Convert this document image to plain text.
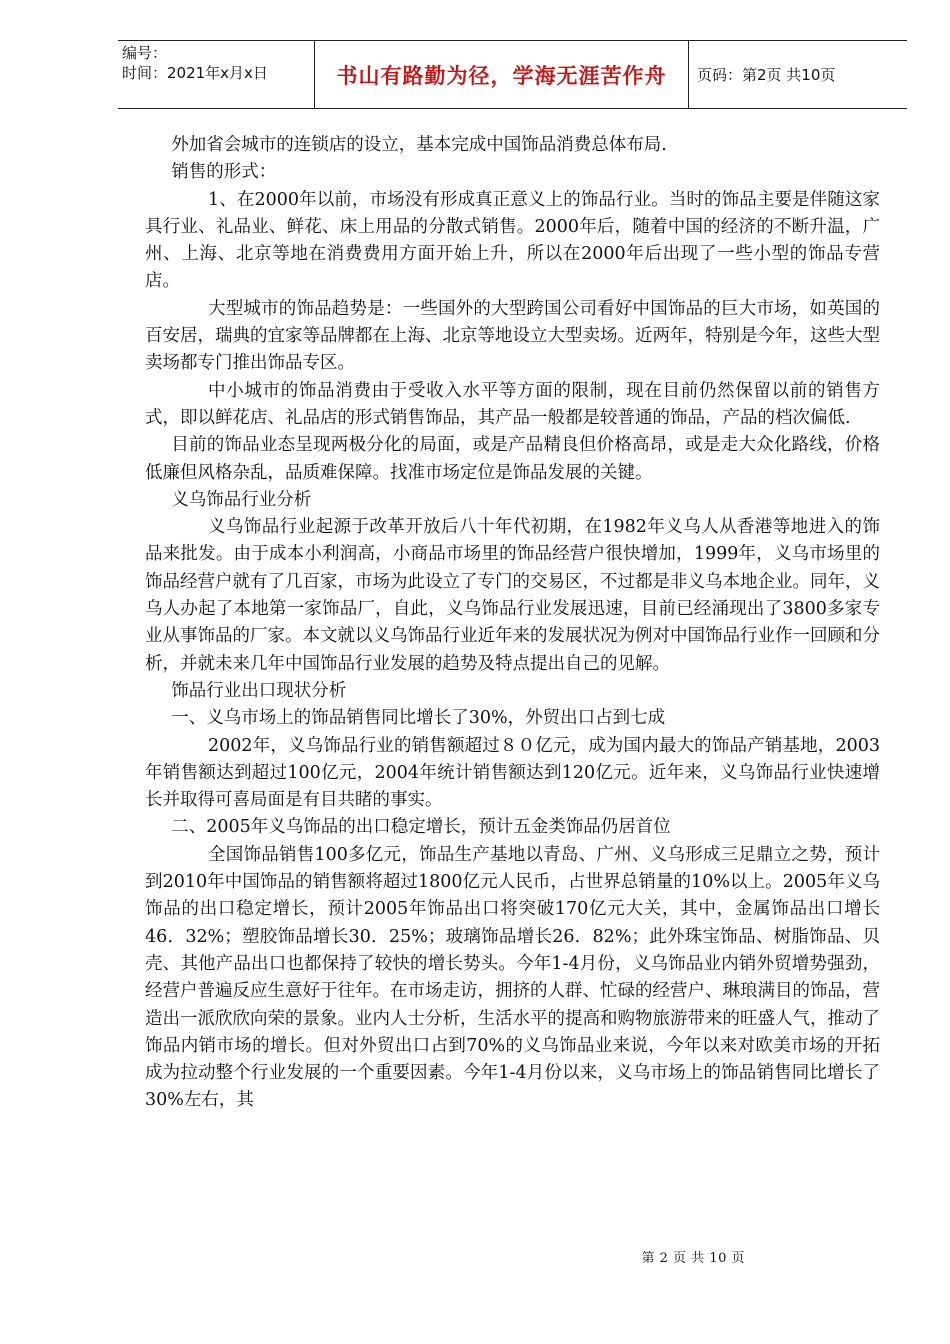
编号：
时间：2021年x月x日	书山有路勤为径，学海无涯苦作舟	页码：第2页 共10页

外加省会城市的连锁店的设立，基本完成中国饰品消费总体布局.

销售的形式：

1、在2000年以前，市场没有形成真正意义上的饰品行业。当时的饰品主要是伴随这家具行业、礼品业、鲜花、床上用品的分散式销售。2000年后，随着中国的经济的不断升温，广州、上海、北京等地在消费费用方面开始上升，所以在2000年后出现了一些小型的饰品专营店。

大型城市的饰品趋势是：一些国外的大型跨国公司看好中国饰品的巨大市场，如英国的百安居，瑞典的宜家等品牌都在上海、北京等地设立大型卖场。近两年，特别是今年，这些大型卖场都专门推出饰品专区。

中小城市的饰品消费由于受收入水平等方面的限制，现在目前仍然保留以前的销售方式，即以鲜花店、礼品店的形式销售饰品，其产品一般都是较普通的饰品，产品的档次偏低.

目前的饰品业态呈现两极分化的局面，或是产品精良但价格高昂，或是走大众化路线，价格低廉但风格杂乱，品质难保障。找准市场定位是饰品发展的关键。

义乌饰品行业分析

义乌饰品行业起源于改革开放后八十年代初期，在1982年义乌人从香港等地进入的饰品来批发。由于成本小利润高，小商品市场里的饰品经营户很快增加，1999年，义乌市场里的饰品经营户就有了几百家，市场为此设立了专门的交易区，不过都是非义乌本地企业。同年，义乌人办起了本地第一家饰品厂，自此，义乌饰品行业发展迅速，目前已经涌现出了3800多家专业从事饰品的厂家。本文就以义乌饰品行业近年来的发展状况为例对中国饰品行业作一回顾和分析，并就未来几年中国饰品行业发展的趋势及特点提出自己的见解。

饰品行业出口现状分析

一、义乌市场上的饰品销售同比增长了30%，外贸出口占到七成

2002年，义乌饰品行业的销售额超过８０亿元，成为国内最大的饰品产销基地，2003年销售额达到超过100亿元，2004年统计销售额达到120亿元。近年来，义乌饰品行业快速增长并取得可喜局面是有目共睹的事实。

二、2005年义乌饰品的出口稳定增长，预计五金类饰品仍居首位

全国饰品销售100多亿元，饰品生产基地以青岛、广州、义乌形成三足鼎立之势，预计到2010年中国饰品的销售额将超过1800亿元人民币，占世界总销量的10%以上。2005年义乌饰品的出口稳定增长，预计2005年饰品出口将突破170亿元大关，其中，金属饰品出口增长46．32%；塑胶饰品增长30．25%；玻璃饰品增长26．82%；此外珠宝饰品、树脂饰品、贝壳、其他产品出口也都保持了较快的增长势头。今年1-4月份，义乌饰品业内销外贸增势强劲，经营户普遍反应生意好于往年。在市场走访，拥挤的人群、忙碌的经营户、琳琅满目的饰品，营造出一派欣欣向荣的景象。业内人士分析，生活水平的提高和购物旅游带来的旺盛人气，推动了饰品内销市场的增长。但对外贸出口占到70%的义乌饰品业来说，今年以来对欧美市场的开拓成为拉动整个行业发展的一个重要因素。今年1-4月份以来，义乌市场上的饰品销售同比增长了30%左右，其

第 2 页 共 10 页
